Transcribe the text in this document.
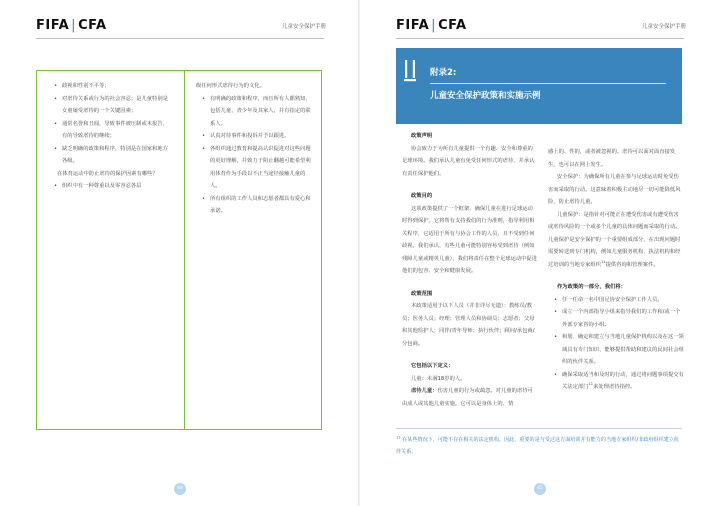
FIFA | CFA	儿童安全保护手册

• 歧视和性别不平等；

• 对虐待关系或行为的社会容忍；是儿童特别是女童屡受虐待的一个关键因素；

• 通常名誉和丑闻，导致事件被压制或未报告，有的导致虐待的继续；

• 缺乏明确的政策和程序，特别是在国家和地方各级。

在体育运动中防止虐待的保护因素有哪些？

• 组织中有一种尊重以及零容忍各层

级任何形式虐待行为的文化。

• 有明确的政策和程序，而且所有人都熟知，包括儿童、青少年及其家人，并有指定的联系人。

• 认真对待事件和投诉并予以跟进。

• 各组织通过教育和提高认识促进对这些问题的更好理解，并致力于阻止翻越可能希望利用体育作为手段以不正当途径接触儿童的人。

• 所有组织的工作人员和志愿者都具有爱心和承诺。

44
FIFA | CFA	儿童安全保护手册
附录2:
儿童安全保护政策和实施示例

政策声明

协会致力于为所有儿童提供一个有趣、安全和尊重的足球环境。我们承认儿童有免受任何形式的虐待，并承认有责任保护他们。

政策目的

这项政策提供了一个框架，确保儿童在进行足球运动时得到保护。它将帮有支持我们的行为准则，指导利用相关程序，它适用于所有与协会工作的人员，且不受到任何歧视。我们承认，有些儿童可能特别容易受到虐待（例如残障儿童或精英儿童），我们将责任在整个足球运动中促进他们的包容、安全和健康发展。

政策范围

本政策适用于以下人员（并非详尽无遗）：教练员/教员；医务人员；经理；管理人员和协调员；志愿者；父母和其他监护人；同伴/青年导师；执行伙伴；顾问/承包商/分包商。

它包括以下定义：

儿童：未满18岁的人。

虐待儿童：伤害儿童的行为或疏忽。对儿童的虐待可由成人或其他儿童实施。它可以是身体上的、情

感上的、性的，或者被忽视的。虐待可以面对面直接发生，也可以在网上发生。

安全保护：为确保所有儿童在参与足球运动时免受伤害而采取的行动。这意味着积极主动地尽一切可能降低风险，防止虐待儿童。

儿童保护：是指针对可能正在遭受伤害或有遭受伤害或虐待风险的一个或多个儿童的具体问题而采取的行动。儿童保护是安全保护的一个重要组成部分，在出现问题时需要转送到专门机构，例如儿童服务机构、执法机构和经过培训的当地专家组织$^{11}$提供咨询和管理案件。

作为政策的一部分，我们将：

• 任一任命一名中国足协安全保护工作人员。

• 成立一个内部指导小组来指导我们的工作和/或一个外部专家咨询小组。

• 和划、确定和建立与当地儿童保护机构以及在这一领域具有专门知识、能够提供帮助和建议的民间社会组织的伙伴关系。

• 确保采取适当和及时的行动，通过将问题事项提交有关法定部门$^{11}$来处理虐待指控。

$^{11}$ 在某些情况下，可能不存在相关的法定机构。因此，重要的是与受过这方面培训并有能力的当地专家组织/非政府组织建立伙伴关系。
45
